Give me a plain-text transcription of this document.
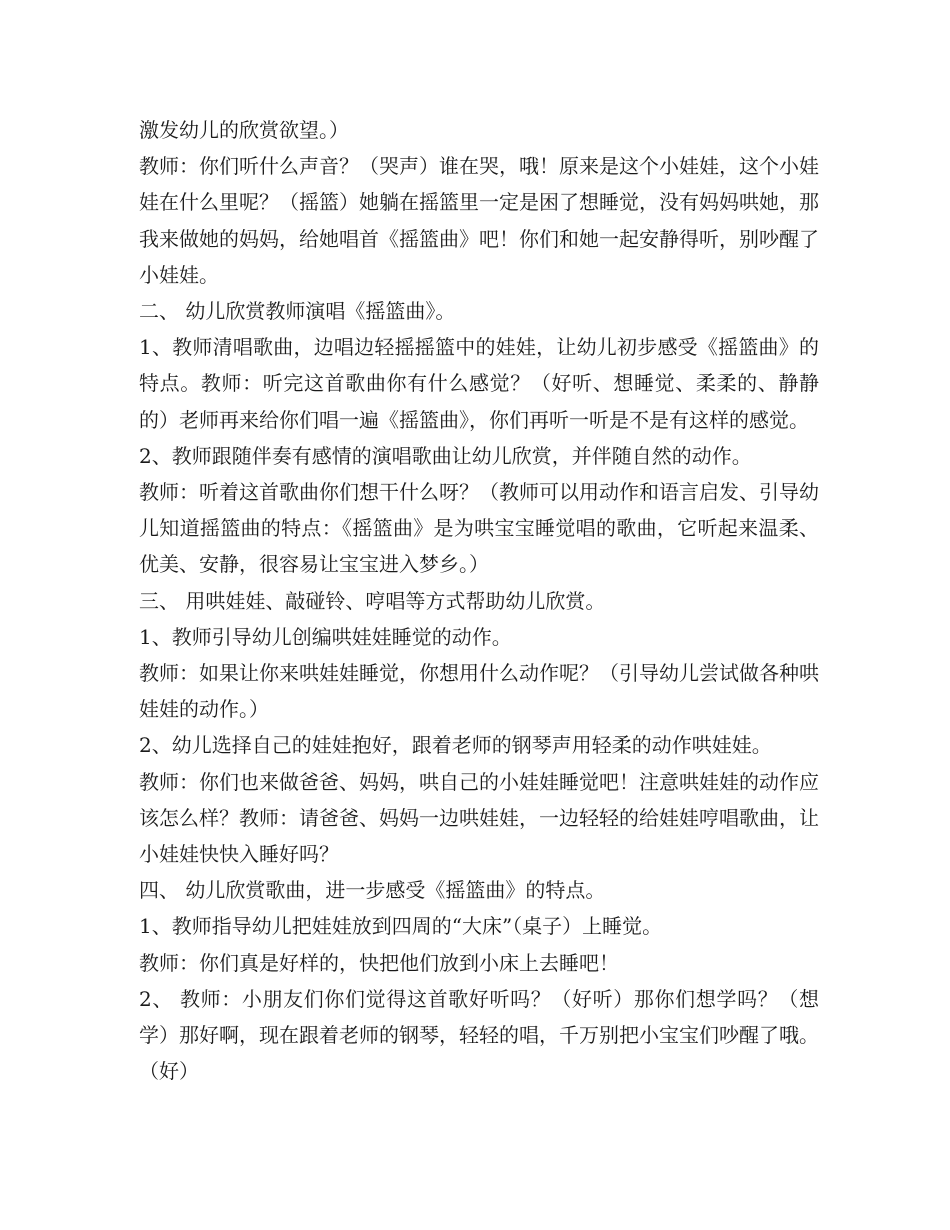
激发幼儿的欣赏欲望。）

教师：你们听什么声音？（哭声）谁在哭，哦！原来是这个小娃娃，这个小娃娃在什么里呢？（摇篮）她躺在摇篮里一定是困了想睡觉，没有妈妈哄她，那我来做她的妈妈，给她唱首《摇篮曲》吧！你们和她一起安静得听，别吵醒了小娃娃。

二、 幼儿欣赏教师演唱《摇篮曲》。

1、教师清唱歌曲，边唱边轻摇摇篮中的娃娃，让幼儿初步感受《摇篮曲》的特点。教师：听完这首歌曲你有什么感觉？（好听、想睡觉、柔柔的、静静的）老师再来给你们唱一遍《摇篮曲》，你们再听一听是不是有这样的感觉。

2、教师跟随伴奏有感情的演唱歌曲让幼儿欣赏，并伴随自然的动作。

教师：听着这首歌曲你们想干什么呀？（教师可以用动作和语言启发、引导幼儿知道摇篮曲的特点：《摇篮曲》是为哄宝宝睡觉唱的歌曲，它听起来温柔、优美、安静，很容易让宝宝进入梦乡。）

三、 用哄娃娃、敲碰铃、哼唱等方式帮助幼儿欣赏。

1、教师引导幼儿创编哄娃娃睡觉的动作。

教师：如果让你来哄娃娃睡觉，你想用什么动作呢？（引导幼儿尝试做各种哄娃娃的动作。）

2、幼儿选择自己的娃娃抱好，跟着老师的钢琴声用轻柔的动作哄娃娃。

教师：你们也来做爸爸、妈妈，哄自己的小娃娃睡觉吧！注意哄娃娃的动作应该怎么样？教师：请爸爸、妈妈一边哄娃娃，一边轻轻的给娃娃哼唱歌曲，让小娃娃快快入睡好吗？

四、 幼儿欣赏歌曲，进一步感受《摇篮曲》的特点。

1、教师指导幼儿把娃娃放到四周的“大床”（桌子）上睡觉。

教师：你们真是好样的，快把他们放到小床上去睡吧！

2、 教师：小朋友们你们觉得这首歌好听吗？（好听）那你们想学吗？（想学）那好啊，现在跟着老师的钢琴，轻轻的唱，千万别把小宝宝们吵醒了哦。（好）
